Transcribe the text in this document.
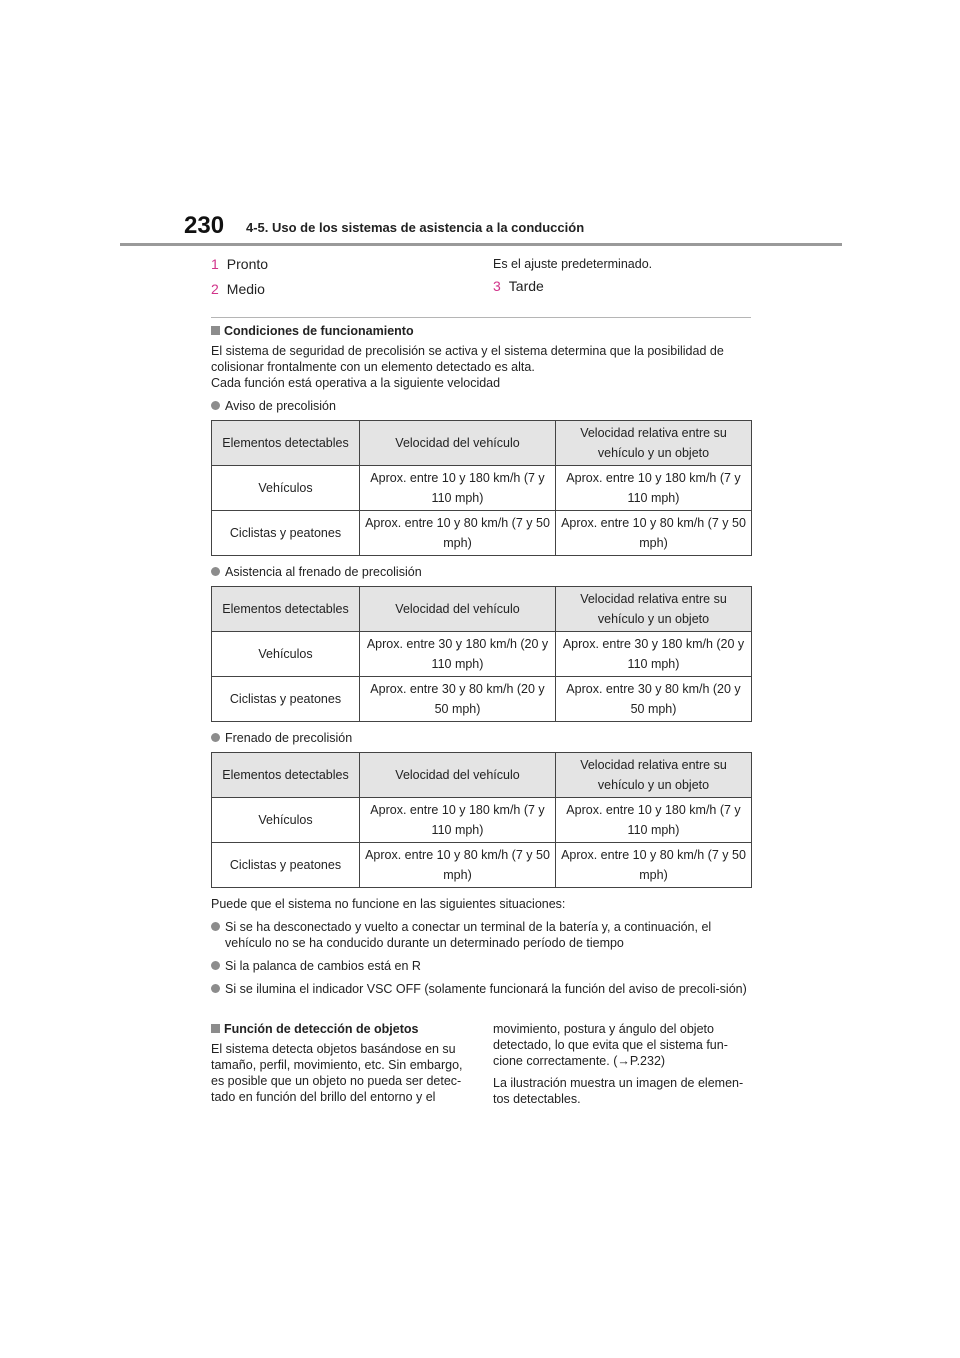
230 4-5. Uso de los sistemas de asistencia a la conducción
1 Pronto
2 Medio
Es el ajuste predeterminado.
3 Tarde
Condiciones de funcionamiento
El sistema de seguridad de precolisión se activa y el sistema determina que la posibilidad de
colisionar frontalmente con un elemento detectado es alta.
Cada función está operativa a la siguiente velocidad
Aviso de precolisión
Elementos detectables	Velocidad del vehículo	Velocidad relativa entre su vehículo y un objeto
Vehículos	Aprox. entre 10 y 180 km/h (7 y 110 mph)	Aprox. entre 10 y 180 km/h (7 y 110 mph)
Ciclistas y peatones	Aprox. entre 10 y 80 km/h (7 y 50 mph)	Aprox. entre 10 y 80 km/h (7 y 50 mph)
Asistencia al frenado de precolisión
Elementos detectables	Velocidad del vehículo	Velocidad relativa entre su vehículo y un objeto
Vehículos	Aprox. entre 30 y 180 km/h (20 y 110 mph)	Aprox. entre 30 y 180 km/h (20 y 110 mph)
Ciclistas y peatones	Aprox. entre 30 y 80 km/h (20 y 50 mph)	Aprox. entre 30 y 80 km/h (20 y 50 mph)
Frenado de precolisión
Elementos detectables	Velocidad del vehículo	Velocidad relativa entre su vehículo y un objeto
Vehículos	Aprox. entre 10 y 180 km/h (7 y 110 mph)	Aprox. entre 10 y 180 km/h (7 y 110 mph)
Ciclistas y peatones	Aprox. entre 10 y 80 km/h (7 y 50 mph)	Aprox. entre 10 y 80 km/h (7 y 50 mph)
Puede que el sistema no funcione en las siguientes situaciones:
Si se ha desconectado y vuelto a conectar un terminal de la batería y, a continuación, el vehículo no se ha conducido durante un determinado período de tiempo
Si la palanca de cambios está en R
Si se ilumina el indicador VSC OFF (solamente funcionará la función del aviso de precoli-sión)
Función de detección de objetos
El sistema detecta objetos basándose en su tamaño, perfil, movimiento, etc. Sin embargo, es posible que un objeto no pueda ser detec-tado en función del brillo del entorno y el
movimiento, postura y ángulo del objeto detectado, lo que evita que el sistema fun-cione correctamente. (→P.232)
La ilustración muestra un imagen de elemen-tos detectables.
